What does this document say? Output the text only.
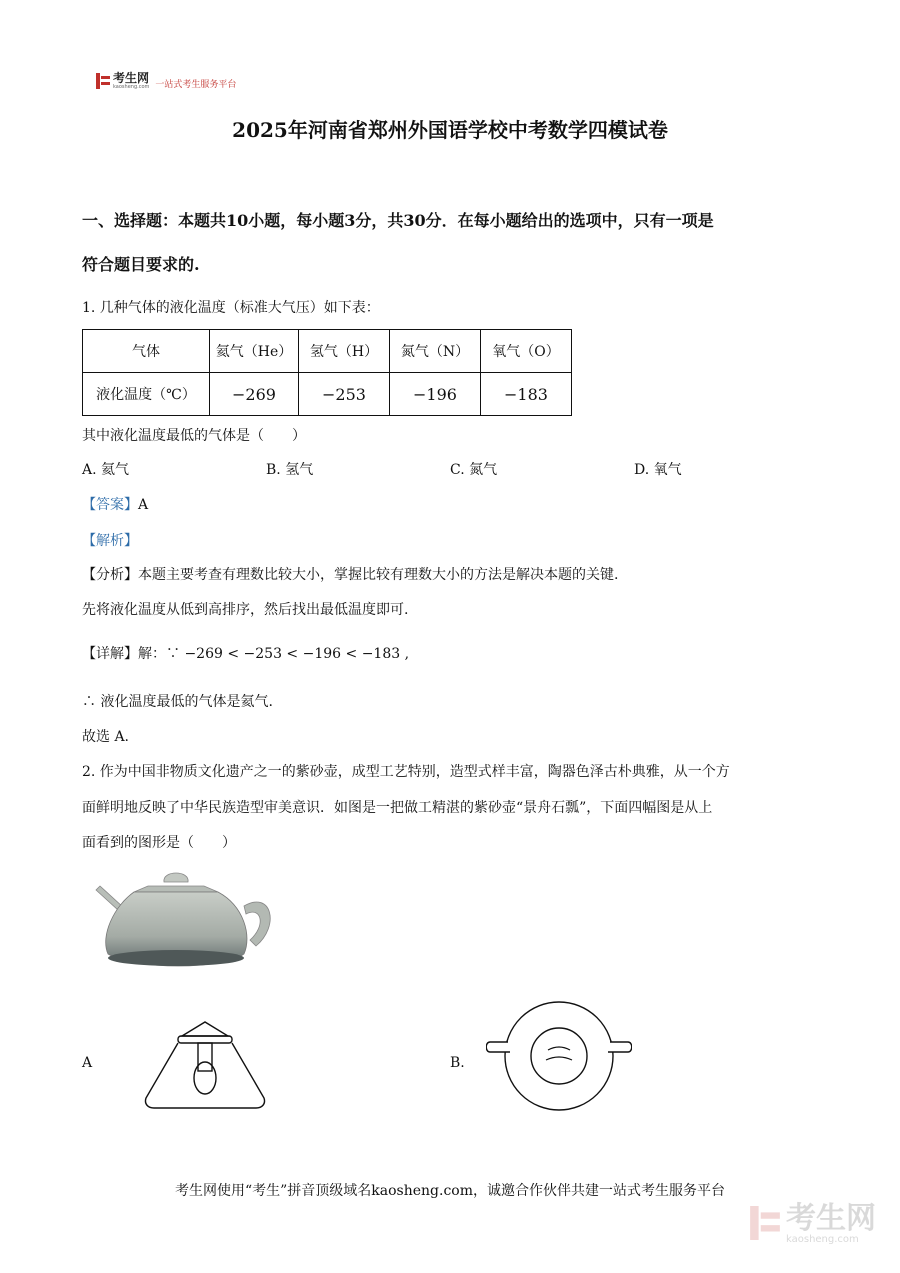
考生网
kaosheng.com 一站式考生服务平台
2025年河南省郑州外国语学校中考数学四模试卷
一、选择题：本题共10小题，每小题3分，共30分．在每小题给出的选项中，只有一项是
符合题目要求的.
1. 几种气体的液化温度（标准大气压）如下表：
气体	氦气（He）	氢气（H）	氮气（N）	氧气（O）
液化温度（℃）	−269	−253	−196	−183
其中液化温度最低的气体是（　　）
A. 氦气	B. 氢气	C. 氮气	D. 氧气
【答案】A
【解析】
【分析】本题主要考查有理数比较大小，掌握比较有理数大小的方法是解决本题的关键.
先将液化温度从低到高排序，然后找出最低温度即可.
【详解】解：∵ −269 < −253 < −196 < −183 ,
∴ 液化温度最低的气体是氦气.
故选 A.
2. 作为中国非物质文化遗产之一的紫砂壶，成型工艺特别，造型式样丰富，陶器色泽古朴典雅，从一个方
面鲜明地反映了中华民族造型审美意识．如图是一把做工精湛的紫砂壶“景舟石瓢”，下面四幅图是从上
面看到的图形是（　　）
A	B.
考生网使用“考生”拼音顶级域名kaosheng.com，诚邀合作伙伴共建一站式考生服务平台
考生网
kaosheng.com
